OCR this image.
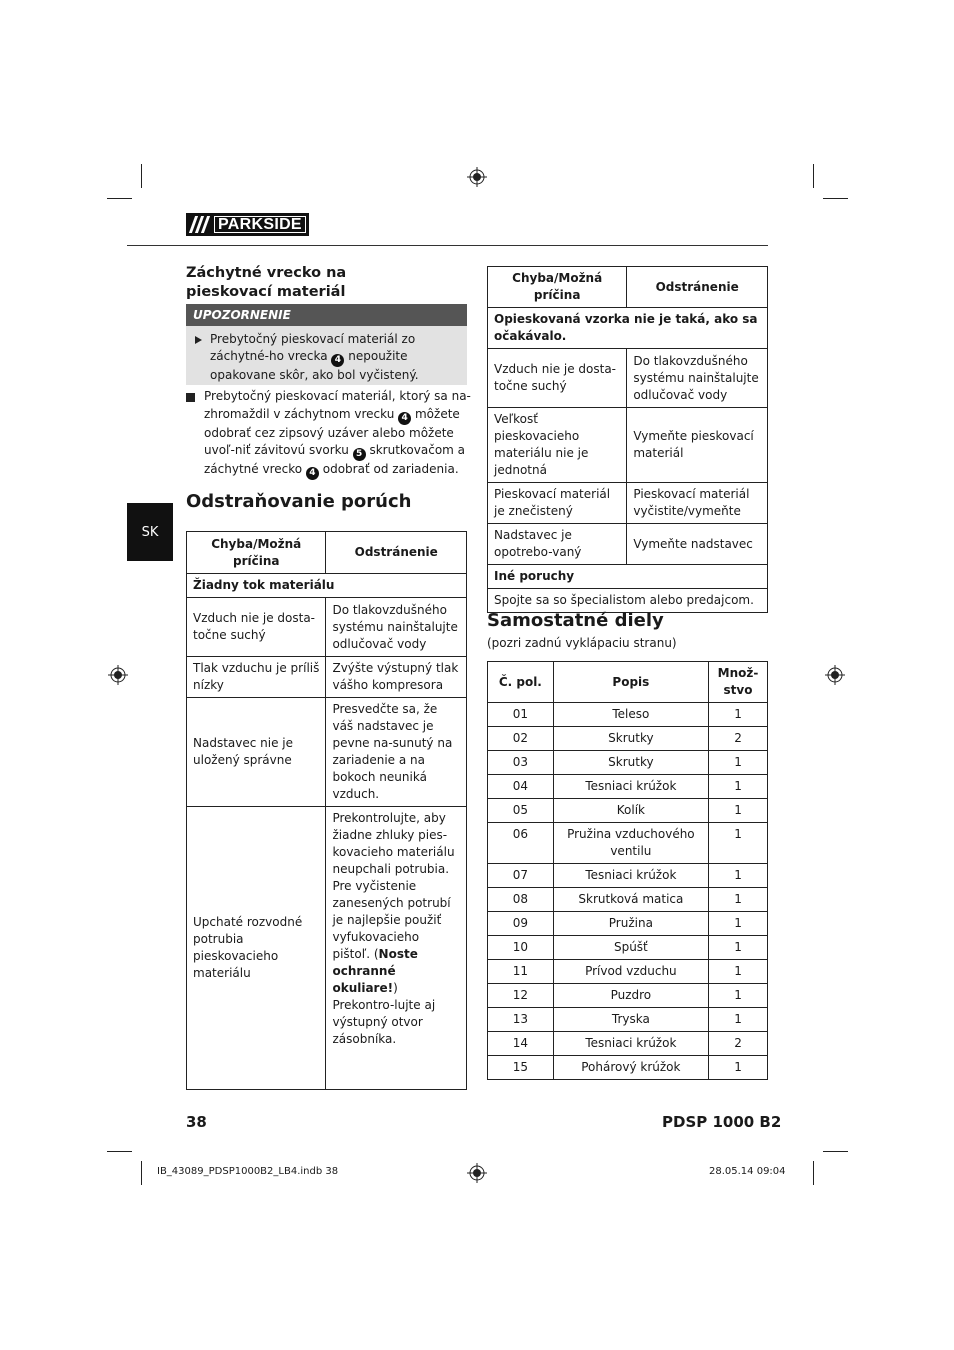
PARKSIDE
SK
Záchytné vrecko na pieskovací materiál
UPOZORNENIE
Prebytočný pieskovací materiál zo záchytné-ho vrecka 4 nepoužite opakovane skôr, ako bol vyčistený.
Prebytočný pieskovací materiál, ktorý sa na-zhromaždil v záchytnom vrecku 4 môžete odobrať cez zipsový uzáver alebo môžete uvoľ-niť závitovú svorku 5 skrutkovačom a záchytné vrecko 4 odobrať od zariadenia.
Odstraňovanie porúch
Chyba/Možná príčina	Odstránenie
Žiadny tok materiálu	
Vzduch nie je dosta-točne suchý	Do tlakovzdušného systému nainštalujte odlučovač vody
Tlak vzduchu je príliš nízky	Zvýšte výstupný tlak vášho kompresora
Nadstavec nie je uložený správne	Presvedčte sa, že váš nadstavec je pevne na-sunutý na zariadenie a na bokoch neuniká vzduch.
Upchaté rozvodné potrubia pieskovacieho materiálu	Prekontrolujte, aby žiadne zhluky pies-kovacieho materiálu neupchali potrubia. Pre vyčistenie zanesených potrubí je najlepšie použiť vyfukovacieho pištoľ. (Noste ochranné okuliare!) Prekontro-lujte aj výstupný otvor zásobníka.
Chyba/Možná príčina	Odstránenie
Opieskovaná vzorka nie je taká, ako sa očakávalo.	
Vzduch nie je dosta-točne suchý	Do tlakovzdušného systému nainštalujte odlučovač vody
Veľkosť pieskovacieho materiálu nie je jednotná	Vymeňte pieskovací materiál
Pieskovací materiál je znečistený	Pieskovací materiál vyčistite/vymeňte
Nadstavec je opotrebo-vaný	Vymeňte nadstavec
Iné poruchy	
Spojte sa so špecialistom alebo predajcom.	
Samostatné diely
(pozri zadnú vyklápaciu stranu)
Č. pol.	Popis	Množ-stvo
01	Teleso	1
02	Skrutky	2
03	Skrutky	1
04	Tesniaci krúžok	1
05	Kolík	1
06	Pružina vzduchového ventilu	1
07	Tesniaci krúžok	1
08	Skrutková matica	1
09	Pružina	1
10	Spúšť	1
11	Prívod vzduchu	1
12	Puzdro	1
13	Tryska	1
14	Tesniaci krúžok	2
15	Pohárový krúžok	1
38	PDSP 1000 B2
IB_43089_PDSP1000B2_LB4.indb 38	28.05.14 09:04
